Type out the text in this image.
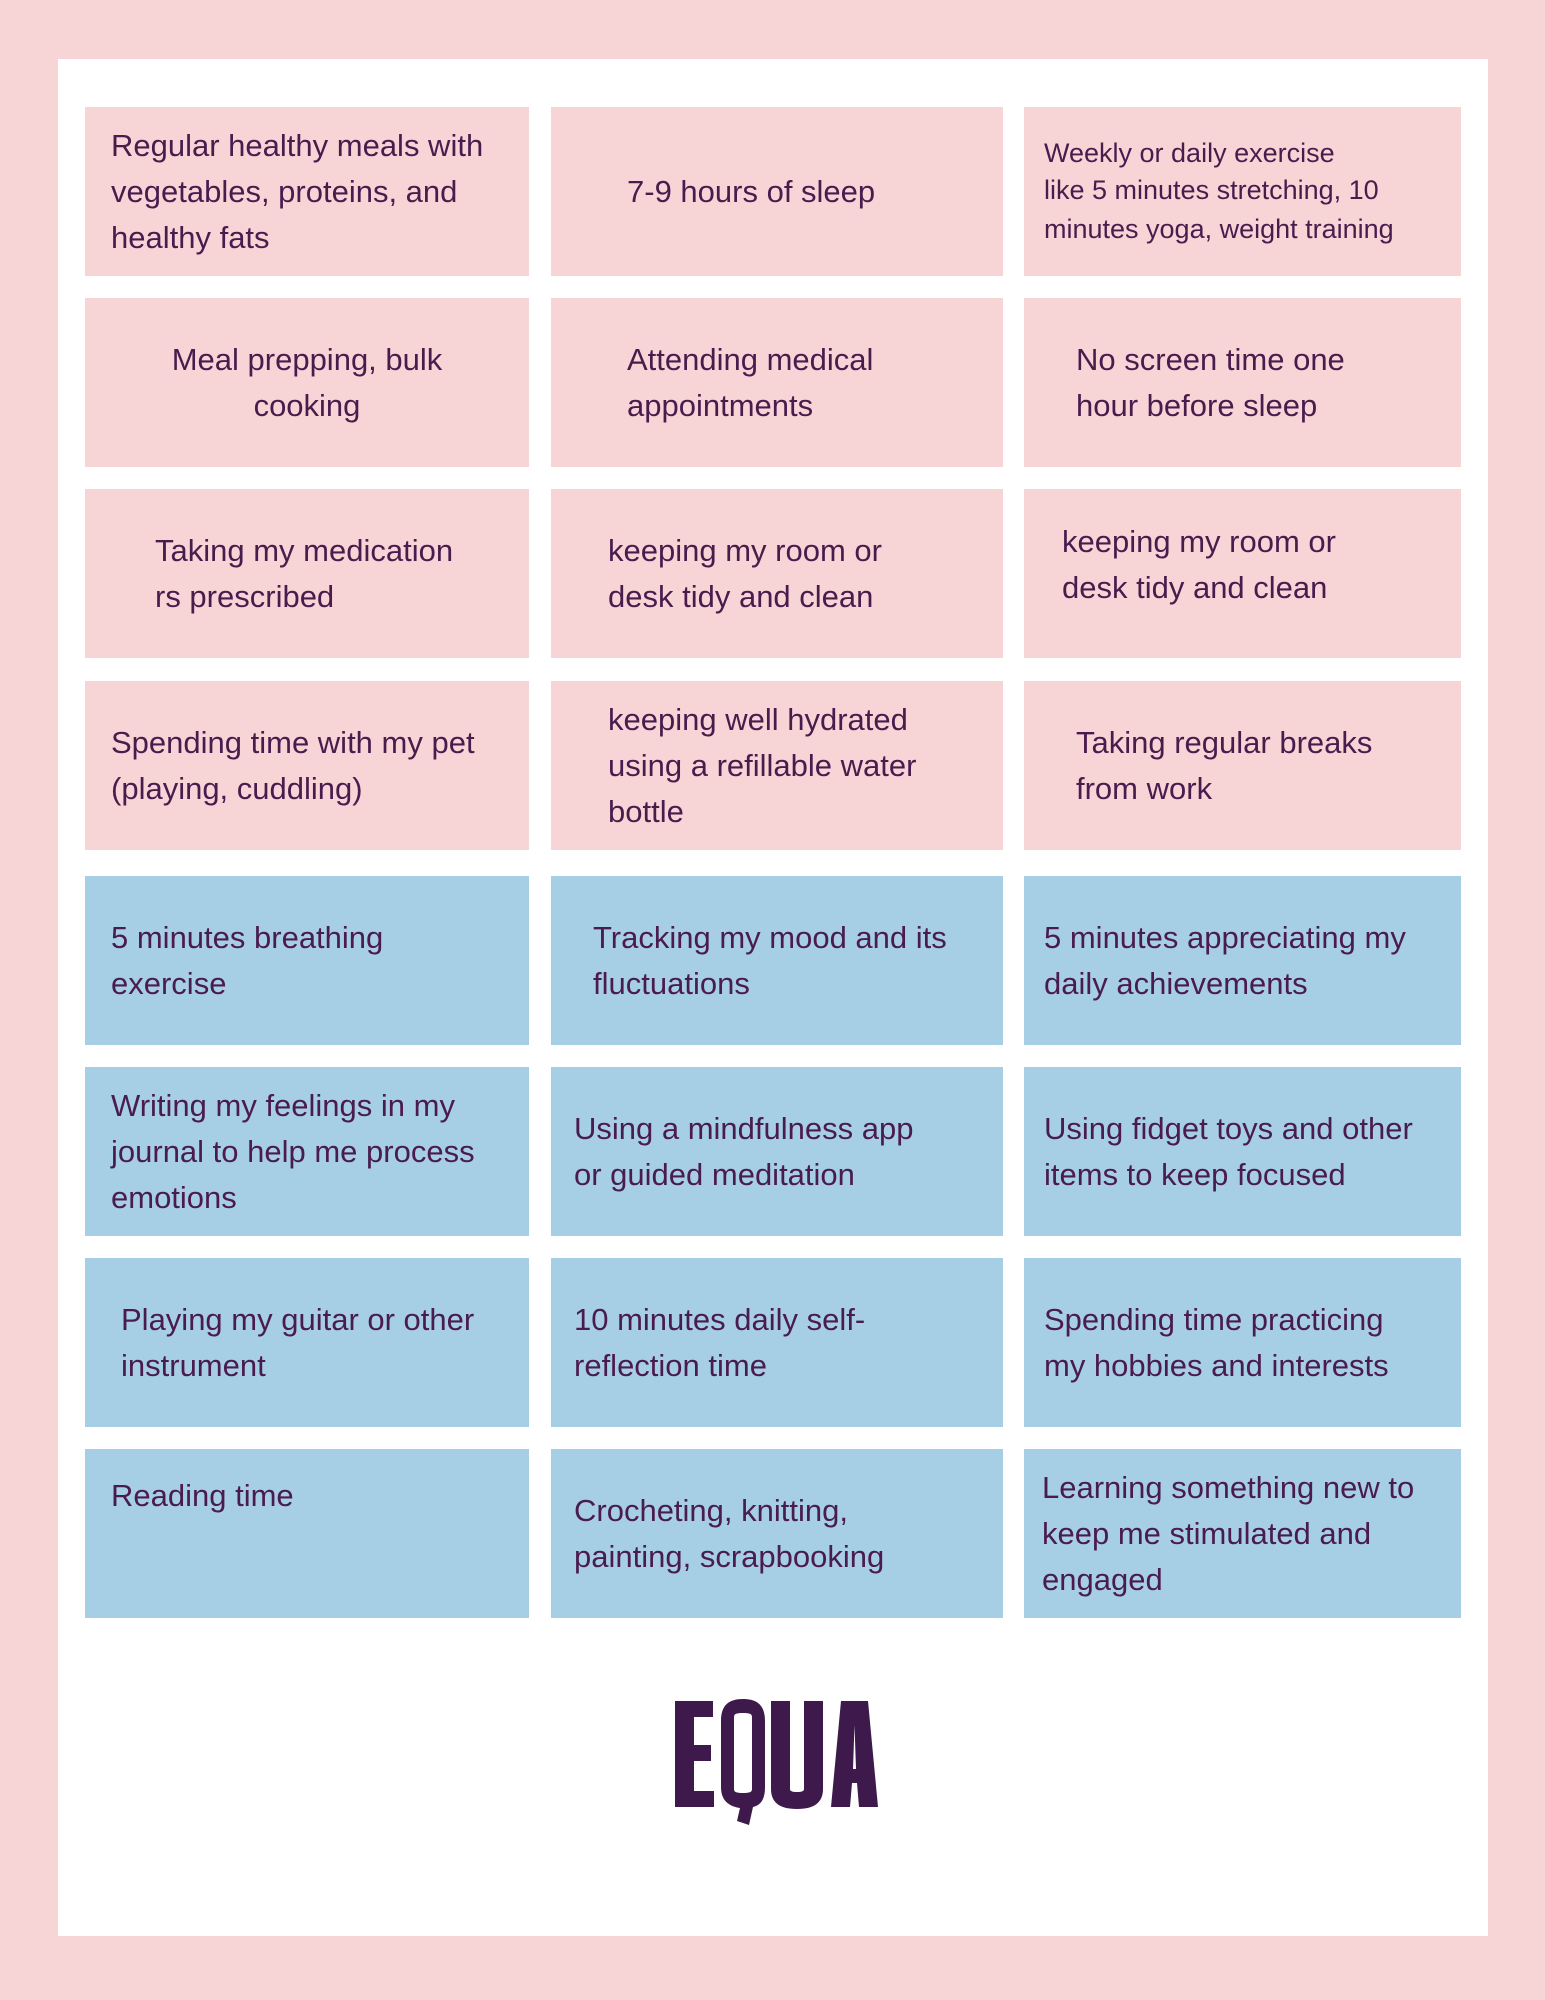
Regular healthy meals with
vegetables, proteins, and
healthy fats
7-9 hours of sleep
Weekly or daily exercise
like 5 minutes stretching, 10
minutes yoga, weight training
Meal prepping, bulk
cooking
Attending medical
appointments
No screen time one
hour before sleep
Taking my medication
rs prescribed
keeping my room or
desk tidy and clean
keeping my room or
desk tidy and clean
Spending time with my pet
(playing, cuddling)
keeping well hydrated
using a refillable water
bottle
Taking regular breaks
from work
5 minutes breathing
exercise
Tracking my mood and its
fluctuations
5 minutes appreciating my
daily achievements
Writing my feelings in my
journal to help me process
emotions
Using a mindfulness app
or guided meditation
Using fidget toys and other
items to keep focused
Playing my guitar or other
instrument
10 minutes daily self-
reflection time
Spending time practicing
my hobbies and interests
Reading time	Crocheting, knitting,
painting, scrapbooking
Learning something new to
keep me stimulated and
engaged
